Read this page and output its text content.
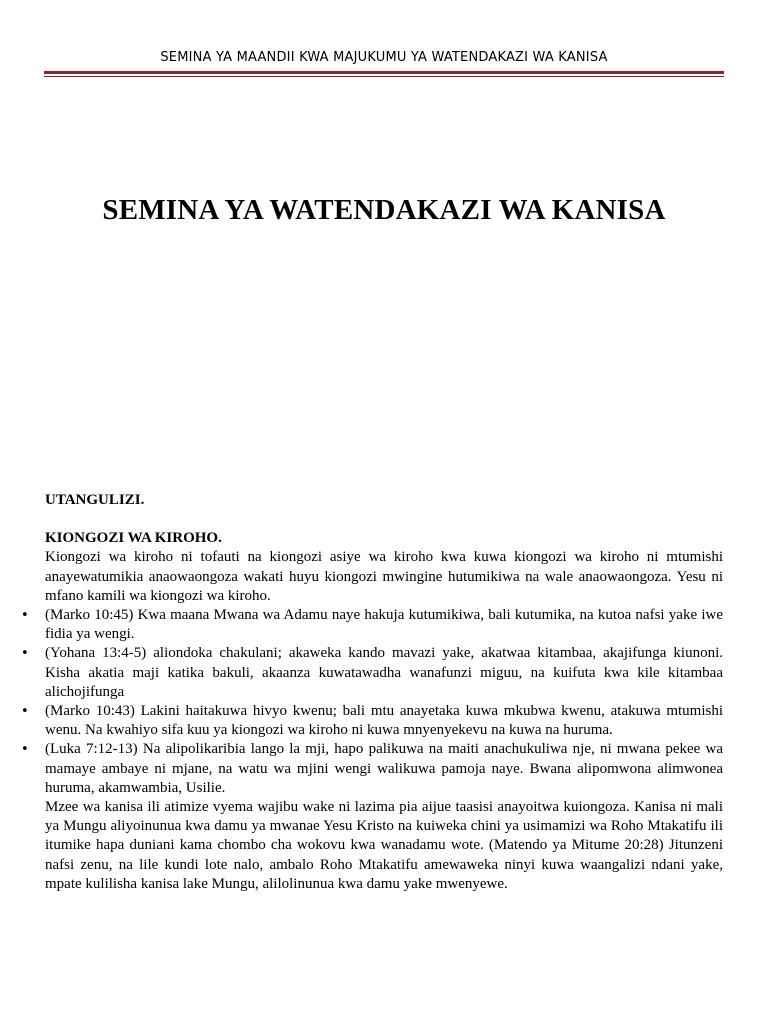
SEMINA YA MAANDII KWA MAJUKUMU YA WATENDAKAZI WA KANISA
SEMINA YA WATENDAKAZI WA KANISA

UTANGULIZI.

KIONGOZI WA KIROHO.

Kiongozi wa kiroho ni tofauti na kiongozi asiye wa kiroho kwa kuwa kiongozi wa kiroho ni mtumishi anayewatumikia anaowaongoza wakati huyu kiongozi mwingine hutumikiwa na wale anaowaongoza. Yesu ni mfano kamili wa kiongozi wa kiroho.

• (Marko 10:45) Kwa maana Mwana wa Adamu naye hakuja kutumikiwa, bali kutumika, na kutoa nafsi yake iwe fidia ya wengi.
• (Yohana 13:4-5) aliondoka chakulani; akaweka kando mavazi yake, akatwaa kitambaa, akajifunga kiunoni. Kisha akatia maji katika bakuli, akaanza kuwatawadha wanafunzi miguu, na kuifuta kwa kile kitambaa alichojifunga
• (Marko 10:43) Lakini haitakuwa hivyo kwenu; bali mtu anayetaka kuwa mkubwa kwenu, atakuwa mtumishi wenu. Na kwahiyo sifa kuu ya kiongozi wa kiroho ni kuwa mnyenyekevu na kuwa na huruma.
• (Luka 7:12-13) Na alipolikaribia lango la mji, hapo palikuwa na maiti anachukuliwa nje, ni mwana pekee wa mamaye ambaye ni mjane, na watu wa mjini wengi walikuwa pamoja naye. Bwana alipomwona alimwonea huruma, akamwambia, Usilie.

Mzee wa kanisa ili atimize vyema wajibu wake ni lazima pia aijue taasisi anayoitwa kuiongoza. Kanisa ni mali ya Mungu aliyoinunua kwa damu ya mwanae Yesu Kristo na kuiweka chini ya usimamizi wa Roho Mtakatifu ili itumike hapa duniani kama chombo cha wokovu kwa wanadamu wote. (Matendo ya Mitume 20:28) Jitunzeni nafsi zenu, na lile kundi lote nalo, ambalo Roho Mtakatifu amewaweka ninyi kuwa waangalizi ndani yake, mpate kulilisha kanisa lake Mungu, alilolinunua kwa damu yake mwenyewe.
